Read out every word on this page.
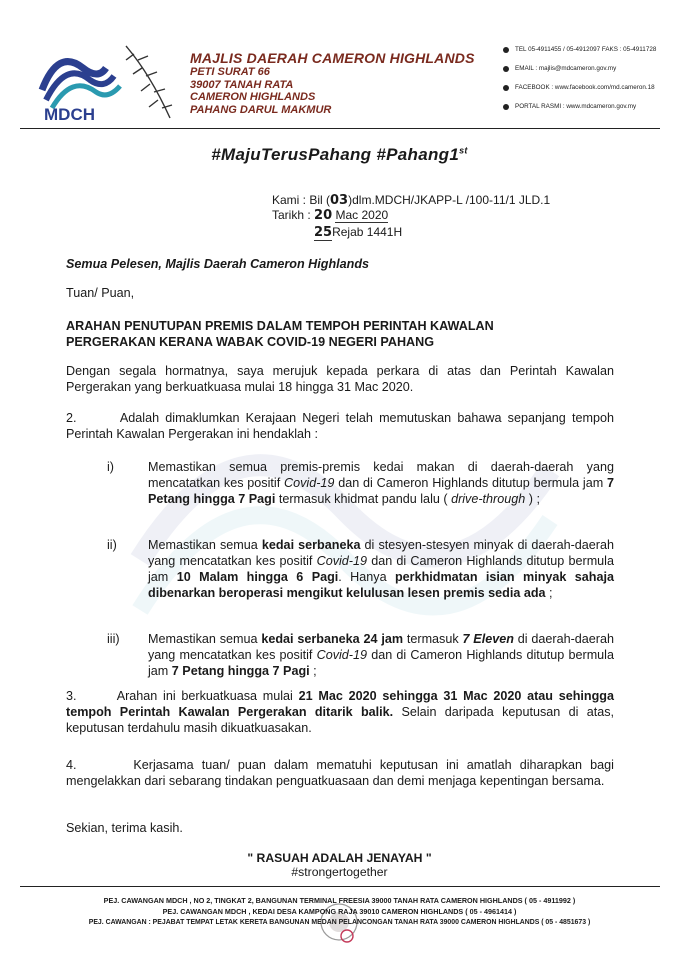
MDCH
MAJLIS DAERAH CAMERON HIGHLANDS
PETI SURAT 66
39007 TANAH RATA
CAMERON HIGHLANDS
PAHANG DARUL MAKMUR
TEL 05-4911455 / 05-4912097 FAKS : 05-4911728
EMAIL : majlis@mdcameron.gov.my
FACEBOOK : www.facebook.com/md.cameron.18
PORTAL RASMI : www.mdcameron.gov.my
#MajuTerusPahang #Pahang1st
Kami : Bil (03)dlm.MDCH/JKAPP-L /100-11/1 JLD.1
Tarikh : 20 Mac 2020
25Rejab 1441H
Semua Pelesen, Majlis Daerah Cameron Highlands
Tuan/ Puan,
ARAHAN PENUTUPAN PREMIS DALAM TEMPOH PERINTAH KAWALAN
PERGERAKAN KERANA WABAK COVID-19 NEGERI PAHANG
Dengan segala hormatnya, saya merujuk kepada perkara di atas dan Perintah Kawalan Pergerakan yang berkuatkuasa mulai 18 hingga 31 Mac 2020.
2.	Adalah dimaklumkan Kerajaan Negeri telah memutuskan bahawa sepanjang tempoh Perintah Kawalan Pergerakan ini hendaklah :
i)	Memastikan semua premis-premis kedai makan di daerah-daerah yang mencatatkan kes positif Covid-19 dan di Cameron Highlands ditutup bermula jam 7 Petang hingga 7 Pagi termasuk khidmat pandu lalu ( drive-through ) ;
ii) Memastikan semua kedai serbaneka di stesyen-stesyen minyak di daerah-daerah yang mencatatkan kes positif Covid-19 dan di Cameron Highlands ditutup bermula jam 10 Malam hingga 6 Pagi. Hanya perkhidmatan isian minyak sahaja dibenarkan beroperasi mengikut kelulusan lesen premis sedia ada ;
iii) Memastikan semua kedai serbaneka 24 jam termasuk 7 Eleven di daerah-daerah yang mencatatkan kes positif Covid-19 dan di Cameron Highlands ditutup bermula jam 7 Petang hingga 7 Pagi ;
3.	Arahan ini berkuatkuasa mulai 21 Mac 2020 sehingga 31 Mac 2020 atau sehingga tempoh Perintah Kawalan Pergerakan ditarik balik. Selain daripada keputusan di atas, keputusan terdahulu masih dikuatkuasakan.
4.	Kerjasama tuan/ puan dalam mematuhi keputusan ini amatlah diharapkan bagi mengelakkan dari sebarang tindakan penguatkuasaan dan demi menjaga kepentingan bersama.
Sekian, terima kasih.
" RASUAH ADALAH JENAYAH "
#strongertogether
PEJ. CAWANGAN MDCH , NO 2, TINGKAT 2, BANGUNAN TERMINAL FREESIA 39000 TANAH RATA CAMERON HIGHLANDS ( 05 - 4911992 )
PEJ. CAWANGAN MDCH , KEDAI DESA KAMPONG RAJA 39010 CAMERON HIGHLANDS ( 05 - 4961414 )
PEJ. CAWANGAN : PEJABAT TEMPAT LETAK KERETA BANGUNAN MEDAN PELANCONGAN TANAH RATA 39000 CAMERON HIGHLANDS ( 05 - 4851673 )
